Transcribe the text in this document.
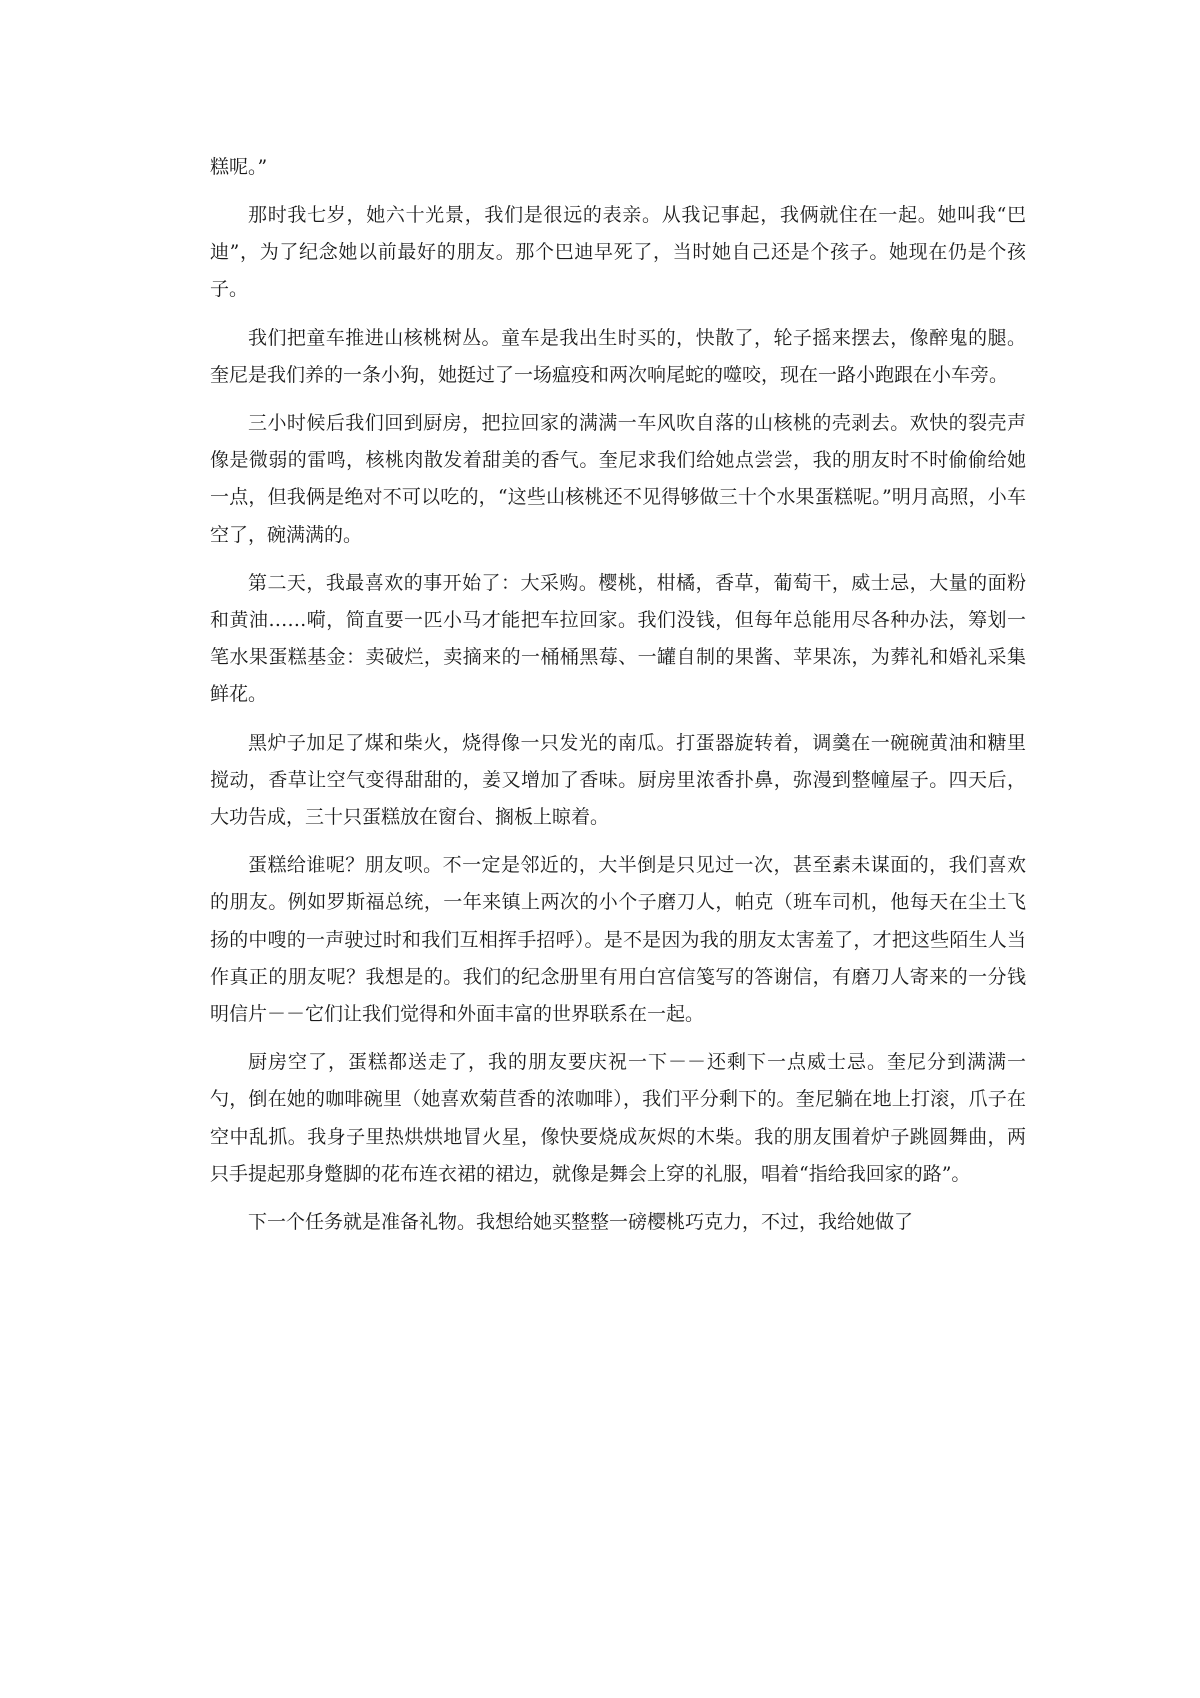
糕呢。”

那时我七岁，她六十光景，我们是很远的表亲。从我记事起，我俩就住在一起。她叫我“巴迪”，为了纪念她以前最好的朋友。那个巴迪早死了，当时她自己还是个孩子。她现在仍是个孩子。

我们把童车推进山核桃树丛。童车是我出生时买的，快散了，轮子摇来摆去，像醉鬼的腿。奎尼是我们养的一条小狗，她挺过了一场瘟疫和两次响尾蛇的噬咬，现在一路小跑跟在小车旁。

三小时候后我们回到厨房，把拉回家的满满一车风吹自落的山核桃的壳剥去。欢快的裂壳声像是微弱的雷鸣，核桃肉散发着甜美的香气。奎尼求我们给她点尝尝，我的朋友时不时偷偷给她一点，但我俩是绝对不可以吃的，“这些山核桃还不见得够做三十个水果蛋糕呢。”明月高照，小车空了，碗满满的。

第二天，我最喜欢的事开始了：大采购。樱桃，柑橘，香草，葡萄干，威士忌，大量的面粉和黄油……嗬，简直要一匹小马才能把车拉回家。我们没钱，但每年总能用尽各种办法，筹划一笔水果蛋糕基金：卖破烂，卖摘来的一桶桶黑莓、一罐自制的果酱、苹果冻，为葬礼和婚礼采集鲜花。

黑炉子加足了煤和柴火，烧得像一只发光的南瓜。打蛋器旋转着，调羹在一碗碗黄油和糖里搅动，香草让空气变得甜甜的，姜又增加了香味。厨房里浓香扑鼻，弥漫到整幢屋子。四天后，大功告成，三十只蛋糕放在窗台、搁板上晾着。

蛋糕给谁呢？朋友呗。不一定是邻近的，大半倒是只见过一次，甚至素未谋面的，我们喜欢的朋友。例如罗斯福总统，一年来镇上两次的小个子磨刀人，帕克（班车司机，他每天在尘土飞扬的中嗖的一声驶过时和我们互相挥手招呼）。是不是因为我的朋友太害羞了，才把这些陌生人当作真正的朋友呢？我想是的。我们的纪念册里有用白宫信笺写的答谢信，有磨刀人寄来的一分钱明信片－－它们让我们觉得和外面丰富的世界联系在一起。

厨房空了，蛋糕都送走了，我的朋友要庆祝一下－－还剩下一点威士忌。奎尼分到满满一勺，倒在她的咖啡碗里（她喜欢菊苣香的浓咖啡），我们平分剩下的。奎尼躺在地上打滚，爪子在空中乱抓。我身子里热烘烘地冒火星，像快要烧成灰烬的木柴。我的朋友围着炉子跳圆舞曲，两只手提起那身蹩脚的花布连衣裙的裙边，就像是舞会上穿的礼服，唱着“指给我回家的路”。

下一个任务就是准备礼物。我想给她买整整一磅樱桃巧克力，不过，我给她做了
